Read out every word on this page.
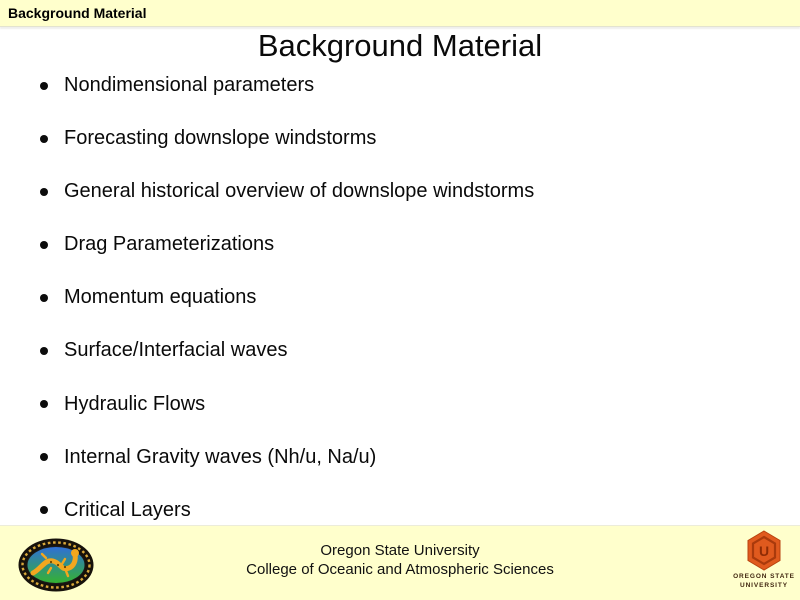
Background Material
Background Material
Nondimensional parameters
Forecasting downslope windstorms
General historical overview of downslope windstorms
Drag Parameterizations
Momentum equations
Surface/Interfacial waves
Hydraulic Flows
Internal Gravity waves (Nh/u, Na/u)
Critical Layers
Oregon State University
College of Oceanic and Atmospheric Sciences
U
OREGON STATE
UNIVERSITY
